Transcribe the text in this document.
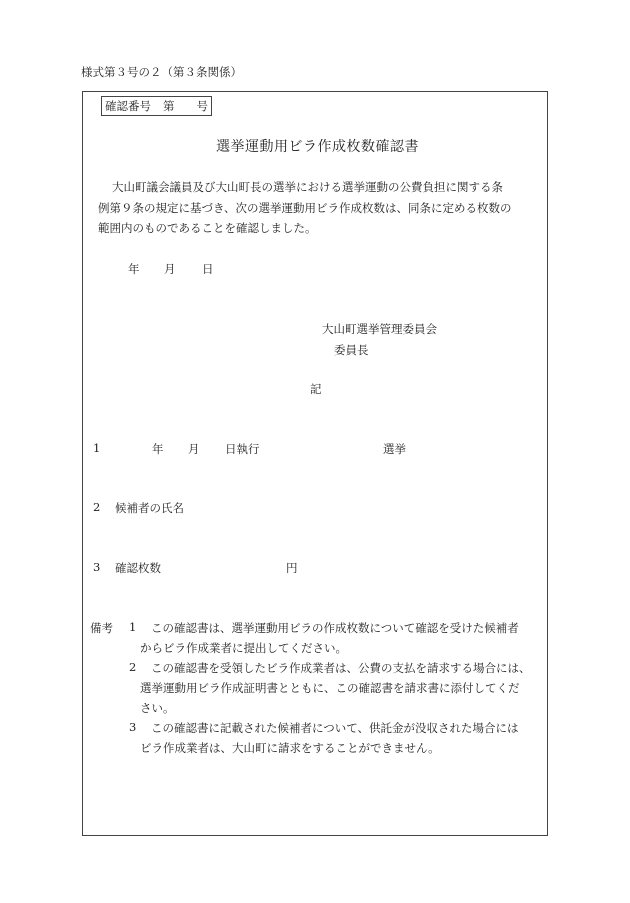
様式第３号の２（第３条関係）
確認番号 第 号
選挙運動用ビラ作成枚数確認書
大山町議会議員及び大山町長の選挙における選挙運動の公費負担に関する条
例第９条の規定に基づき、次の選挙運動用ビラ作成枚数は、同条に定める枚数の
範囲内のものであることを確認しました。
年 月 日
大山町選挙管理委員会
委員長
記
1	年 月 日執行	選挙
2 候補者の氏名
3 確認枚数	円
備考 1 この確認書は、選挙運動用ビラの作成枚数について確認を受けた候補者
からビラ作成業者に提出してください。
2 この確認書を受領したビラ作成業者は、公費の支払を請求する場合には、
選挙運動用ビラ作成証明書とともに、この確認書を請求書に添付してくだ
さい。
3 この確認書に記載された候補者について、供託金が没収された場合には
ビラ作成業者は、大山町に請求をすることができません。
